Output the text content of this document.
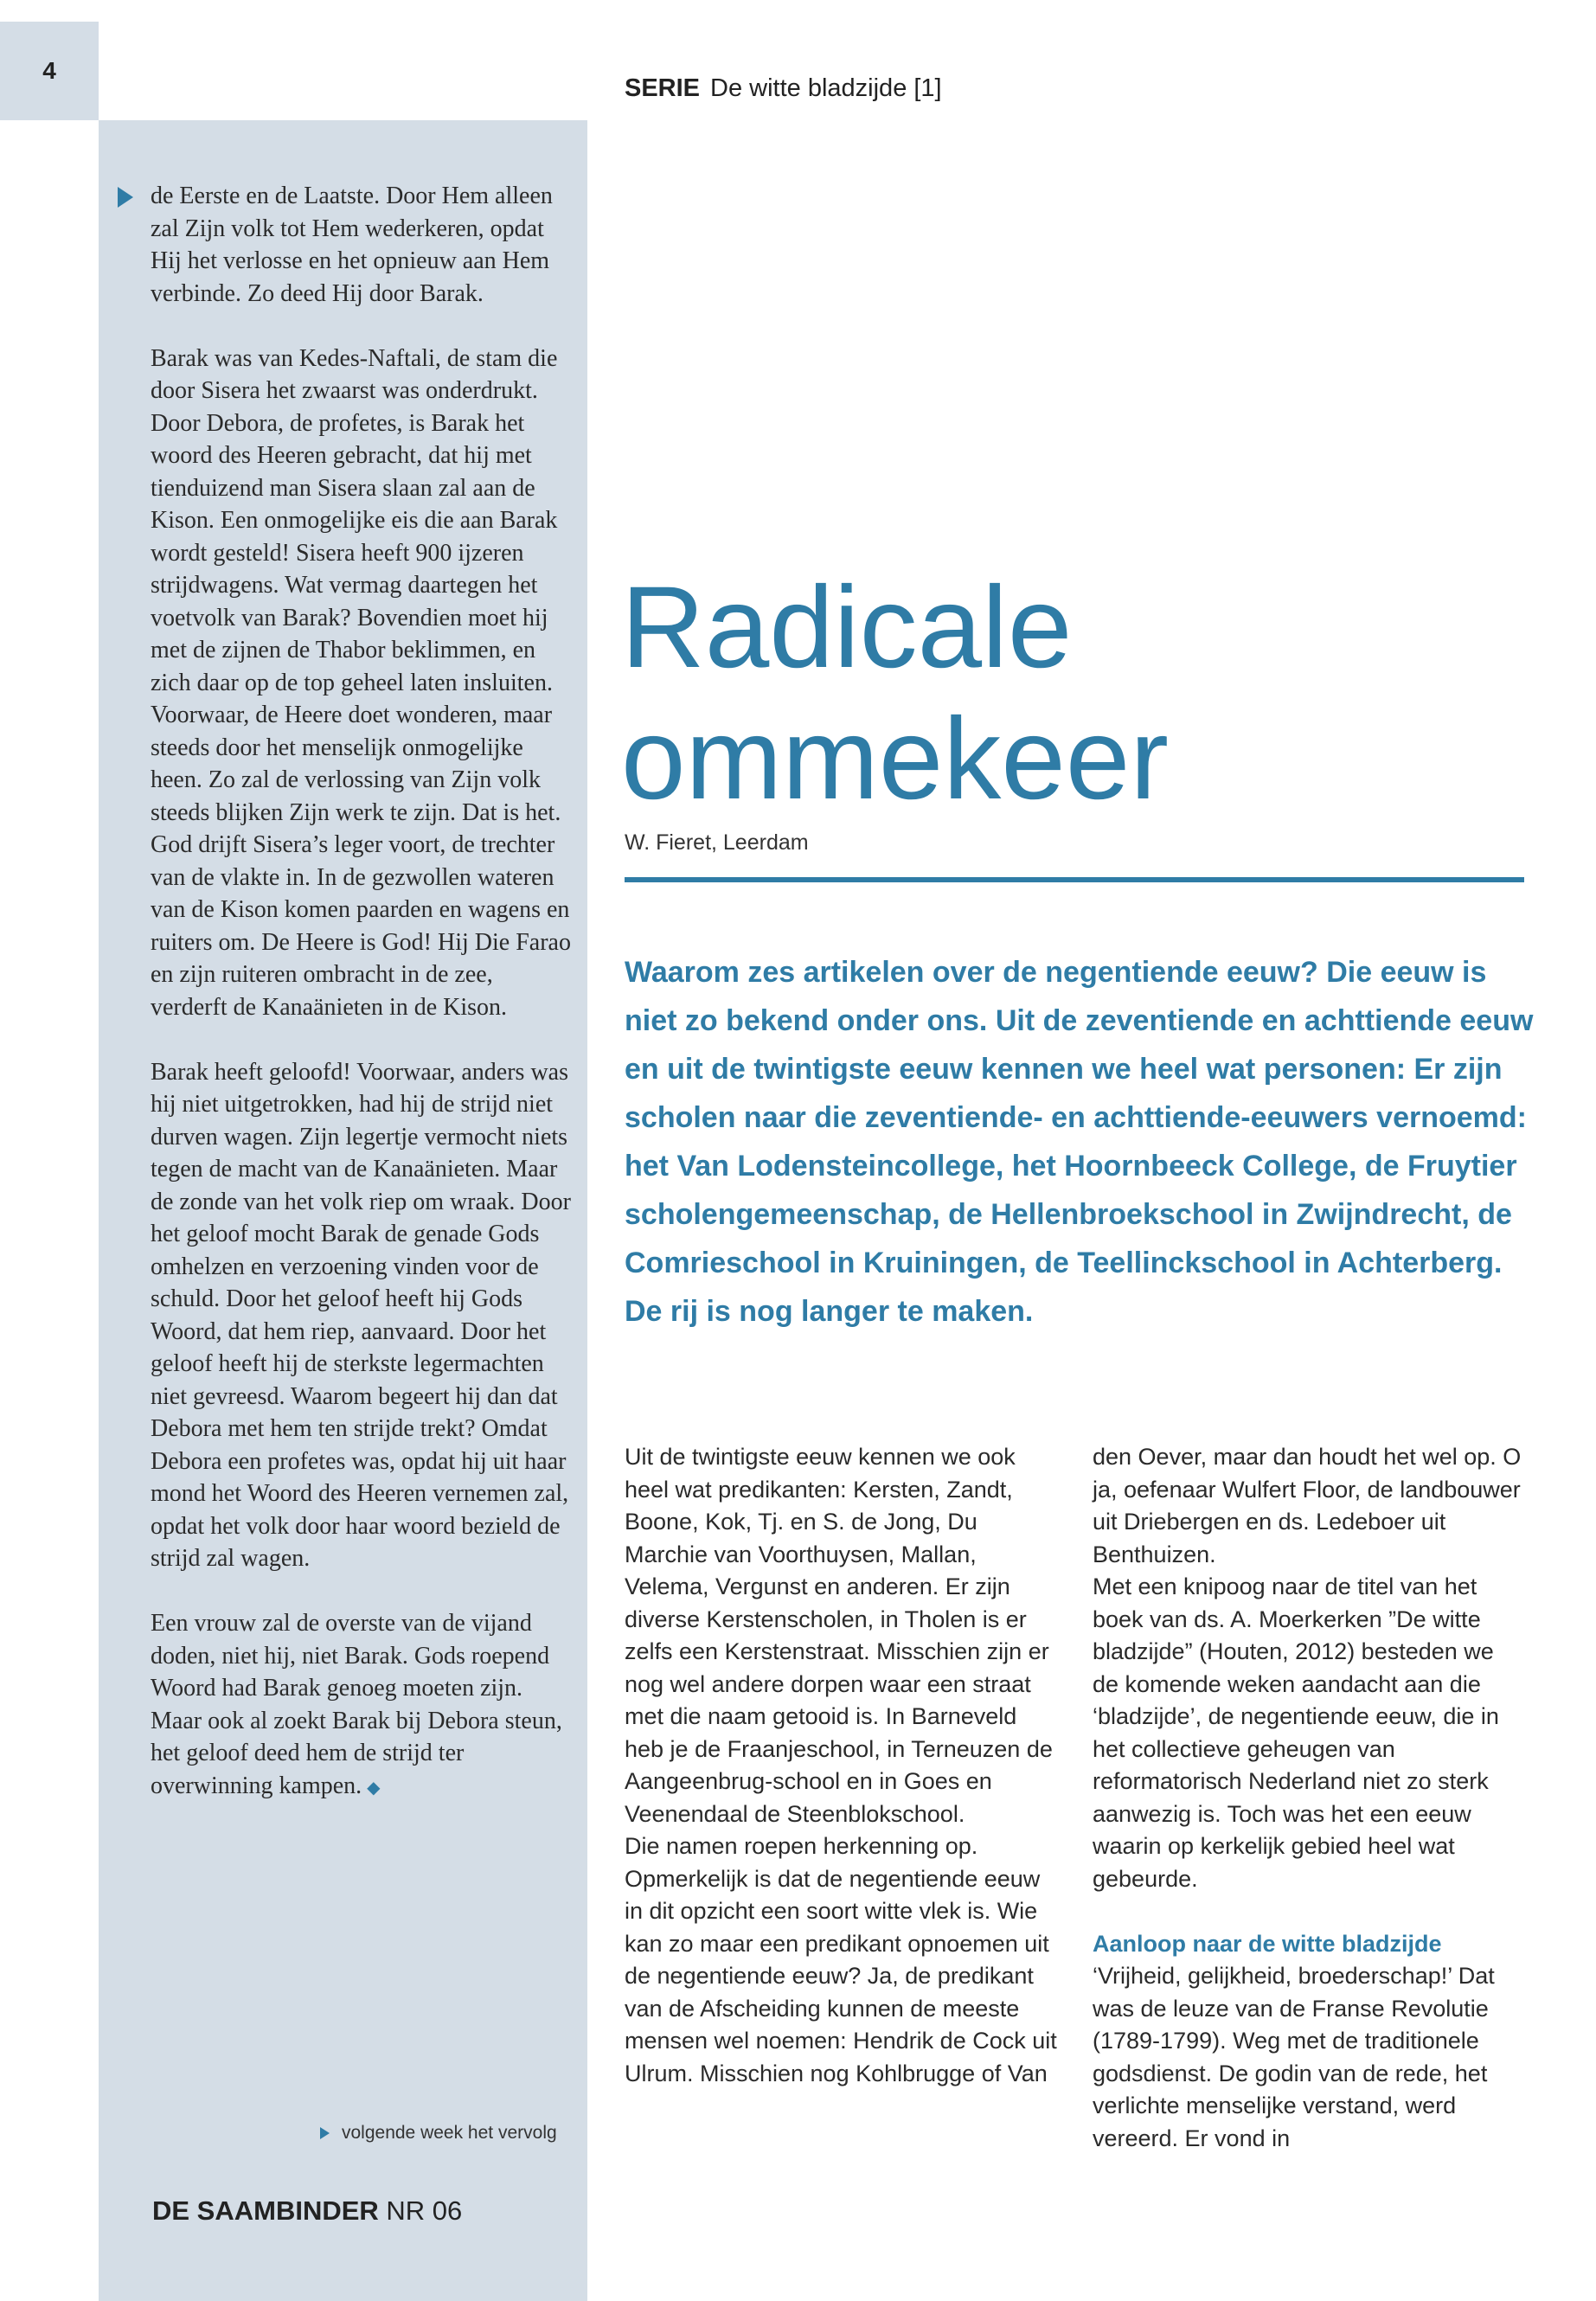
4
SERIE De witte bladzijde [1]

de Eerste en de Laatste. Door Hem alleen zal Zijn volk tot Hem wederkeren, opdat Hij het verlosse en het opnieuw aan Hem verbinde. Zo deed Hij door Barak.

Barak was van Kedes-Naftali, de stam die door Sisera het zwaarst was onderdrukt. Door Debora, de profetes, is Barak het woord des Heeren gebracht, dat hij met tienduizend man Sisera slaan zal aan de Kison. Een onmogelijke eis die aan Barak wordt gesteld! Sisera heeft 900 ijzeren strijdwagens. Wat vermag daartegen het voetvolk van Barak? Bovendien moet hij met de zijnen de Thabor beklimmen, en zich daar op de top geheel laten insluiten. Voorwaar, de Heere doet wonderen, maar steeds door het menselijk onmogelijke heen. Zo zal de verlossing van Zijn volk steeds blijken Zijn werk te zijn. Dat is het. God drijft Sisera’s leger voort, de trechter van de vlakte in. In de gezwollen wateren van de Kison komen paarden en wagens en ruiters om. De Heere is God! Hij Die Farao en zijn ruiteren ombracht in de zee, verderft de Kanaänieten in de Kison.

Barak heeft geloofd! Voorwaar, anders was hij niet uitgetrokken, had hij de strijd niet durven wagen. Zijn legertje vermocht niets tegen de macht van de Kanaänieten. Maar de zonde van het volk riep om wraak. Door het geloof mocht Barak de genade Gods omhelzen en verzoening vinden voor de schuld. Door het geloof heeft hij Gods Woord, dat hem riep, aanvaard. Door het geloof heeft hij de sterkste legermachten niet gevreesd. Waarom begeert hij dan dat Debora met hem ten strijde trekt? Omdat Debora een profetes was, opdat hij uit haar mond het Woord des Heeren vernemen zal, opdat het volk door haar woord bezield de strijd zal wagen.

Een vrouw zal de overste van de vijand doden, niet hij, niet Barak. Gods roepend Woord had Barak genoeg moeten zijn. Maar ook al zoekt Barak bij Debora steun, het geloof deed hem de strijd ter overwinning kampen. ◆

volgende week het vervolg
DE SAAMBINDER NR 06
Radicale
ommekeer
W. Fieret, Leerdam

Waarom zes artikelen over de negentiende eeuw? Die eeuw is niet zo bekend onder ons. Uit de zeventiende en achttiende eeuw en uit de twintigste eeuw kennen we heel wat personen: Er zijn scholen naar die zeventiende- en achttiende-eeuwers vernoemd: het Van Lodensteincollege, het Hoornbeeck College, de Fruytier scholengemeenschap, de Hellenbroekschool in Zwijndrecht, de Comrieschool in Kruiningen, de Teellinckschool in Achterberg. De rij is nog langer te maken.

Uit de twintigste eeuw kennen we ook heel wat predikanten: Kersten, Zandt, Boone, Kok, Tj. en S. de Jong, Du Marchie van Voorthuysen, Mallan, Velema, Vergunst en anderen. Er zijn diverse Kerstenscholen, in Tholen is er zelfs een Kerstenstraat. Misschien zijn er nog wel andere dorpen waar een straat met die naam getooid is. In Barneveld heb je de Fraanjeschool, in Terneuzen de Aangeenbrug-school en in Goes en Veenendaal de Steenblokschool.

Die namen roepen herkenning op. Opmerkelijk is dat de negentiende eeuw in dit opzicht een soort witte vlek is. Wie kan zo maar een predikant opnoemen uit de negentiende eeuw? Ja, de predikant van de Afscheiding kunnen de meeste mensen wel noemen: Hendrik de Cock uit Ulrum. Misschien nog Kohlbrugge of Van

den Oever, maar dan houdt het wel op. O ja, oefenaar Wulfert Floor, de landbouwer uit Driebergen en ds. Ledeboer uit Benthuizen.

Met een knipoog naar de titel van het boek van ds. A. Moerkerken ”De witte bladzijde” (Houten, 2012) besteden we de komende weken aandacht aan die ‘bladzijde’, de negentiende eeuw, die in het collectieve geheugen van reformatorisch Nederland niet zo sterk aanwezig is. Toch was het een eeuw waarin op kerkelijk gebied heel wat gebeurde.

Aanloop naar de witte bladzijde

‘Vrijheid, gelijkheid, broederschap!’ Dat was de leuze van de Franse Revolutie (1789-1799). Weg met de traditionele godsdienst. De godin van de rede, het verlichte menselijke verstand, werd vereerd. Er vond in
